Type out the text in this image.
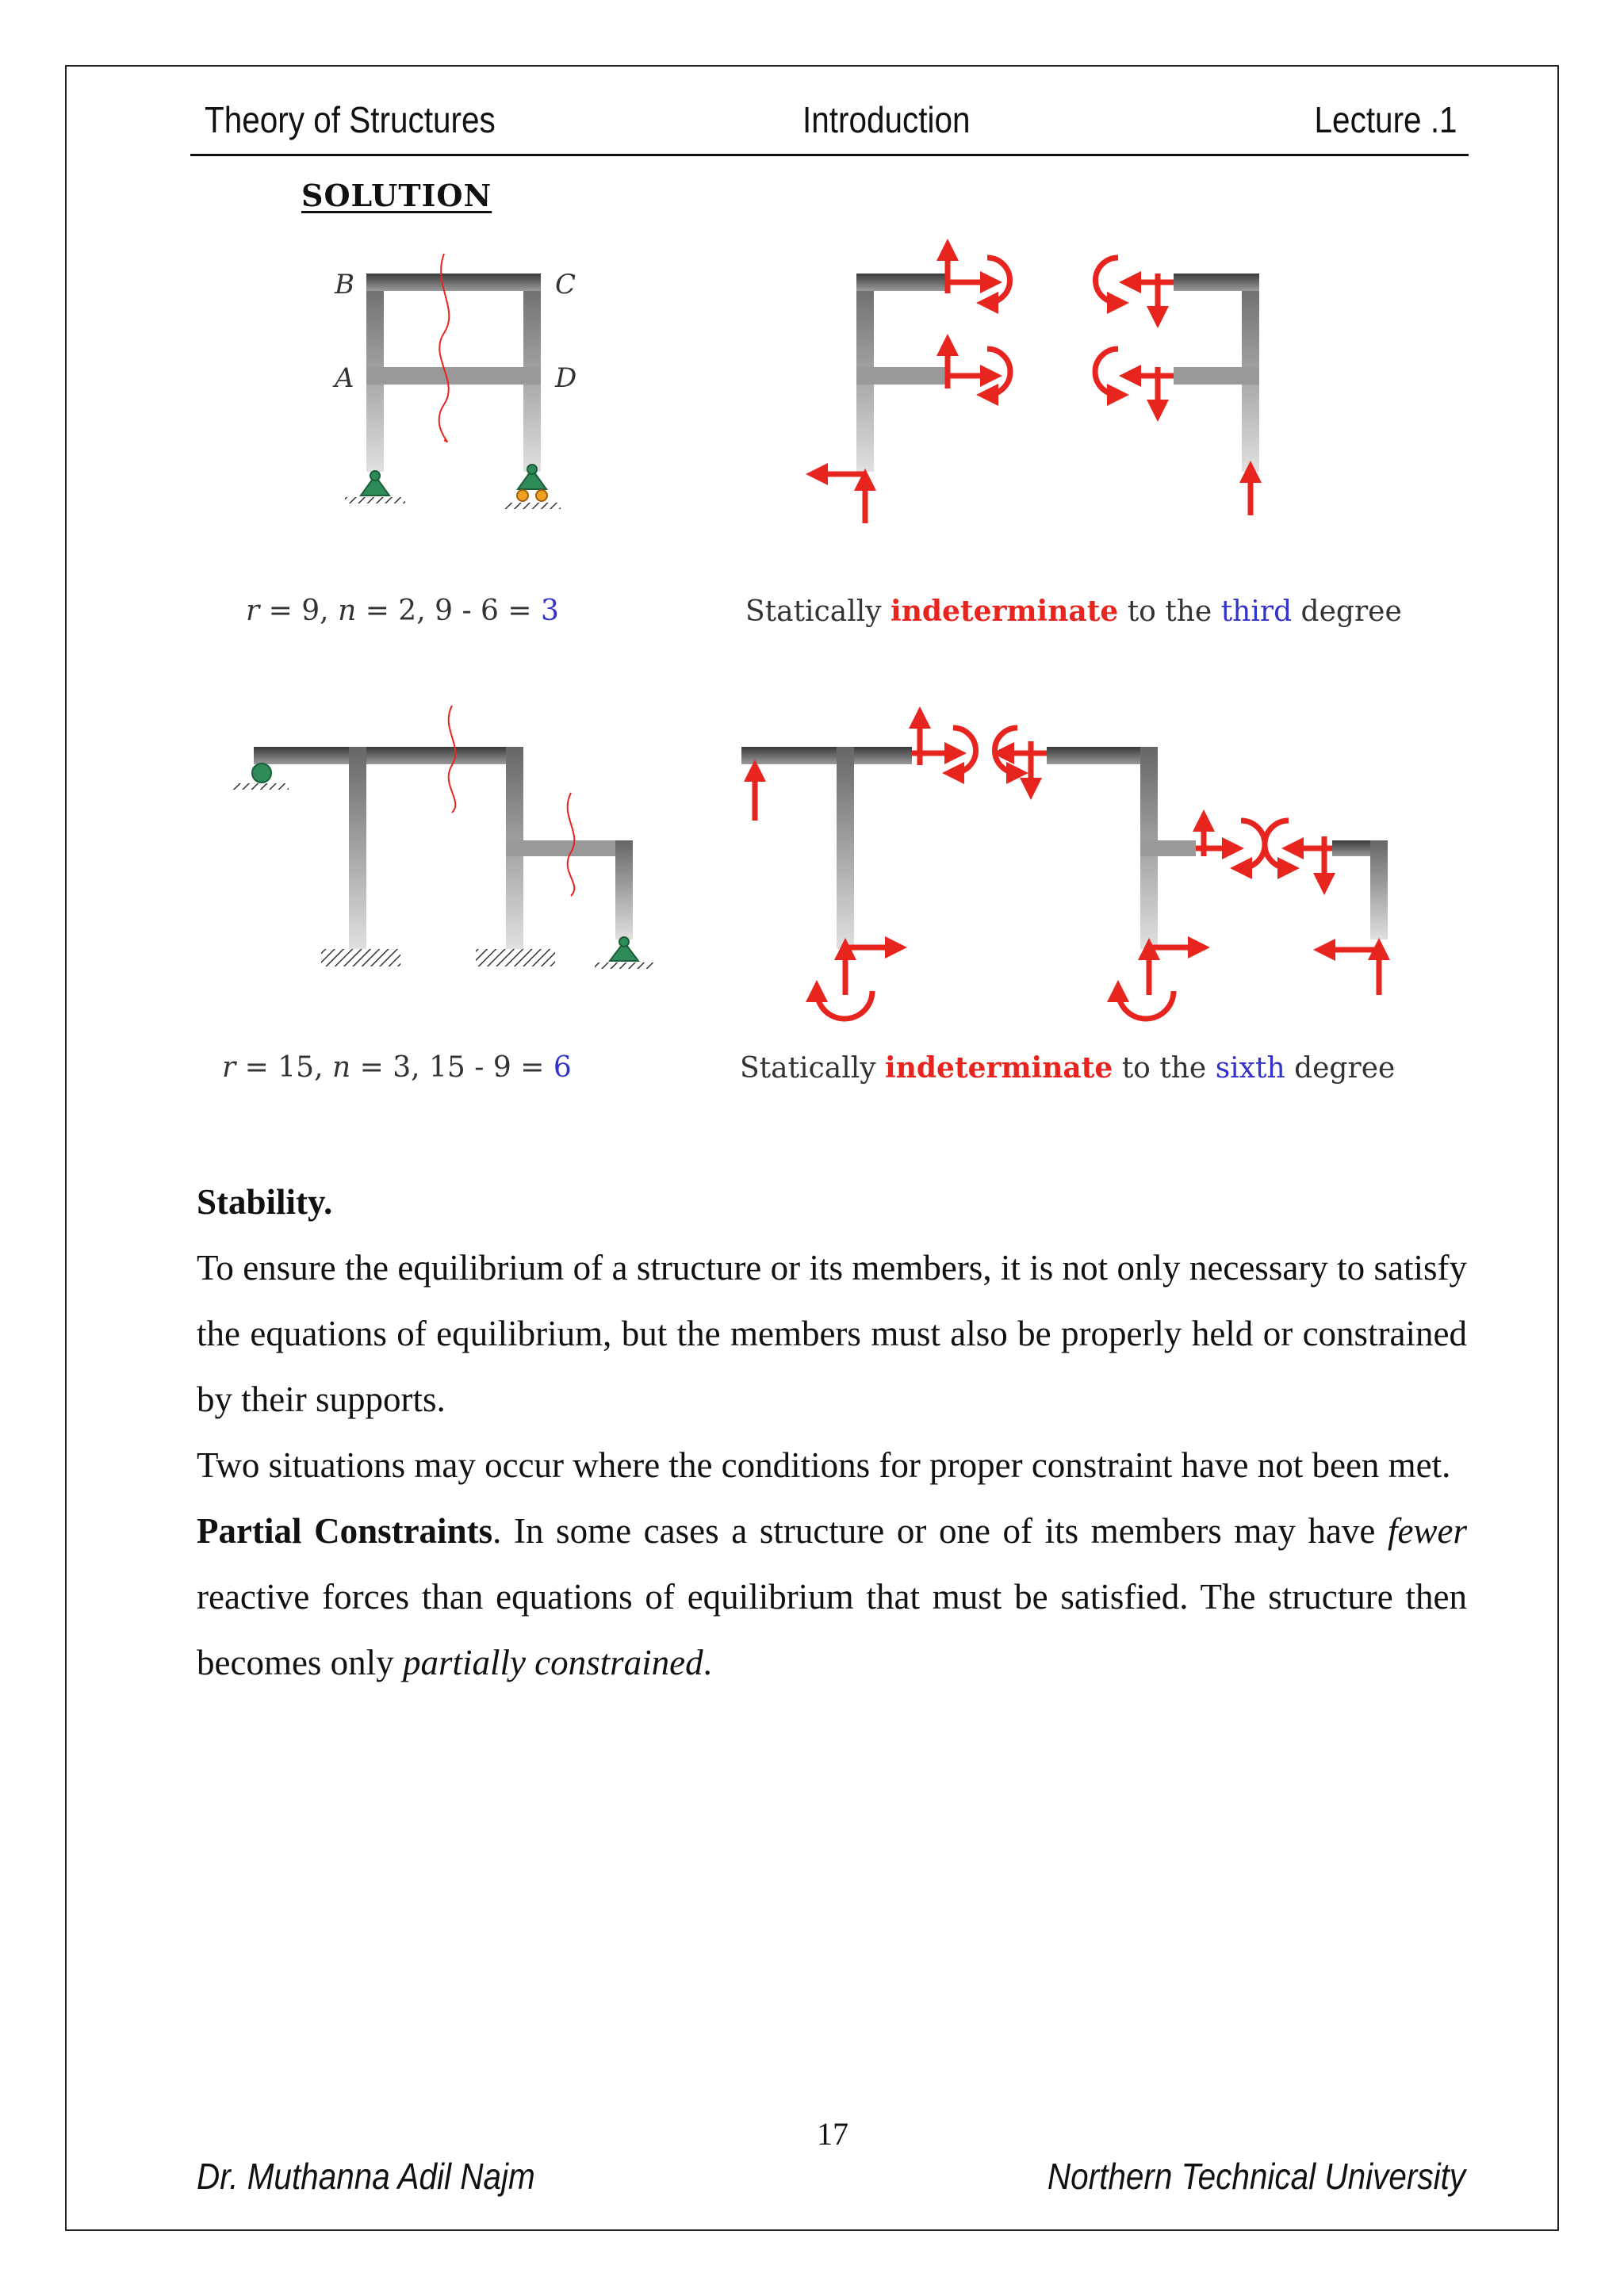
Theory of Structures	Introduction	Lecture .1
SOLUTION
B	C
A	D
r = 9, n = 2, 9 - 6 = 3	Statically indeterminate to the third degree
r = 15, n = 3, 15 - 9 = 6	Statically indeterminate to the sixth degree

Stability.

To ensure the equilibrium of a structure or its members, it is not only necessary to satisfy the equations of equilibrium, but the members must also be properly held or constrained by their supports.

Two situations may occur where the conditions for proper constraint have not been met.

Partial Constraints. In some cases a structure or one of its members may have fewer reactive forces than equations of equilibrium that must be satisfied. The structure then becomes only partially constrained.

17
Dr. Muthanna Adil Najm	Northern Technical University
